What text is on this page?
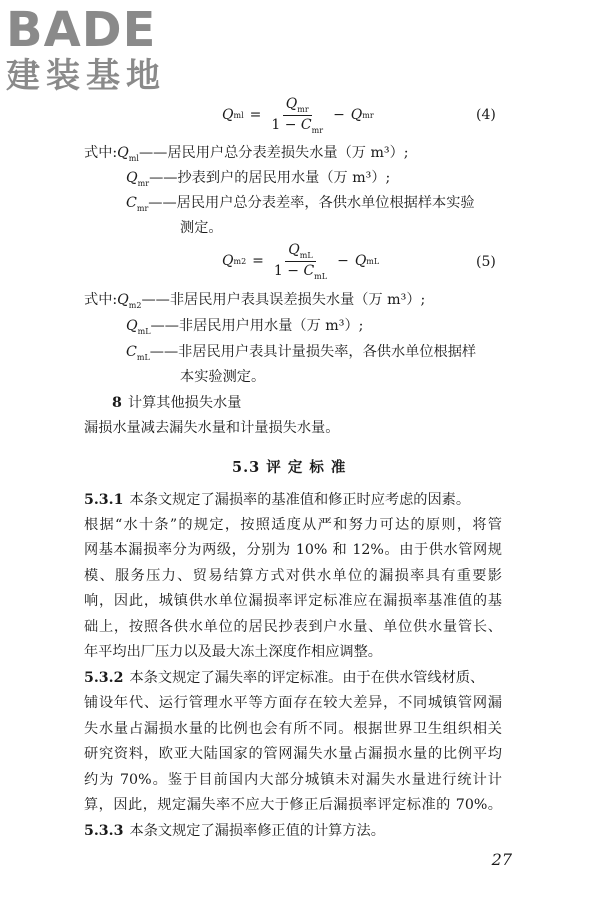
BADE
建装基地
Q ml = $\frac{Q_{mr}}{1 - C_{mr}} - Q$ mr	(4)
式中$:Q_{ml}——$居民用户总分表差损失水量（万 m³）;
$Q_{mr}——$抄表到户的居民用水量（万 m³）;
$C_{mr}——$居民用户总分表差率，各供水单位根据样本实验
测定。
Q $m2 = \frac{Q_{mL}}{1 - C_{mL}} - Q$ mL	(5)
式中$:Q_{m2}——$非居民用户表具误差损失水量（万 m³）;
$Q_{mL}——$非居民用户用水量（万 m³）;
$C_{mL}——$非居民用户表具计量损失率，各供水单位根据样
本实验测定。
8 计算其他损失水量
漏损水量减去漏失水量和计量损失水量。
5.3 评 定 标 准
5.3.1 本条文规定了漏损率的基准值和修正时应考虑的因素。
根据“水十条”的规定，按照适度从严和努力可达的原则，将管
网基本漏损率分为两级，分别为 10% 和 12%。由于供水管网规
模、服务压力、贸易结算方式对供水单位的漏损率具有重要影
响，因此，城镇供水单位漏损率评定标准应在漏损率基准值的基
础上，按照各供水单位的居民抄表到户水量、单位供水量管长、
年平均出厂压力以及最大冻土深度作相应调整。
5.3.2 本条文规定了漏失率的评定标准。由于在供水管线材质、
铺设年代、运行管理水平等方面存在较大差异，不同城镇管网漏
失水量占漏损水量的比例也会有所不同。根据世界卫生组织相关
研究资料，欧亚大陆国家的管网漏失水量占漏损水量的比例平均
约为 70%。鉴于目前国内大部分城镇未对漏失水量进行统计计
算，因此，规定漏失率不应大于修正后漏损率评定标准的 70%。
5.3.3 本条文规定了漏损率修正值的计算方法。
27
